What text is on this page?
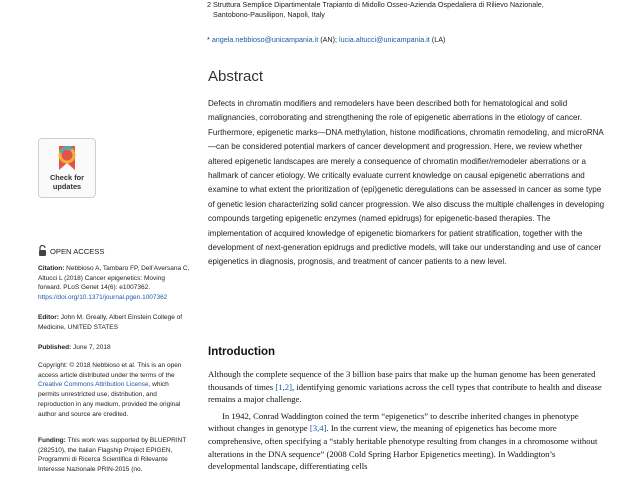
2 Struttura Semplice Dipartimentale Trapianto di Midollo Osseo-Azienda Ospedaliera di Rilievo Nazionale,

Santobono-Pausilipon, Napoli, Italy

* angela.nebbioso@unicampania.it (AN); lucia.altucci@unicampania.it (LA)
Abstract

Defects in chromatin modifiers and remodelers have been described both for hematological and solid malignancies, corroborating and strengthening the role of epigenetic aberrations in the etiology of cancer. Furthermore, epigenetic marks—DNA methylation, histone modifications, chromatin remodeling, and microRNA—can be considered potential markers of cancer development and progression. Here, we review whether altered epigenetic landscapes are merely a consequence of chromatin modifier/remodeler aberrations or a hallmark of cancer etiology. We critically evaluate current knowledge on causal epigenetic aberrations and examine to what extent the prioritization of (epi)genetic deregulations can be assessed in cancer as some type of genetic lesion characterizing solid cancer progression. We also discuss the multiple challenges in developing compounds targeting epigenetic enzymes (named epidrugs) for epigenetic-based therapies. The implementation of acquired knowledge of epigenetic biomarkers for patient stratification, together with the development of next-generation epidrugs and predictive models, will take our understanding and use of cancer epigenetics in diagnosis, prognosis, and treatment of cancer patients to a new level.

Check for
updates
OPEN ACCESS
Citation: Nebbioso A, Tambaro FP, Dell’Aversana C, Altucci L (2018) Cancer epigenetics: Moving forward. PLoS Genet 14(6): e1007362. https://doi.org/10.1371/journal.pgen.1007362
Editor: John M. Greally, Albert Einstein College of Medicine, UNITED STATES
Published: June 7, 2018
Copyright: © 2018 Nebbioso et al. This is an open access article distributed under the terms of the Creative Commons Attribution License, which permits unrestricted use, distribution, and reproduction in any medium, provided the original author and source are credited.
Funding: This work was supported by BLUEPRINT (282510), the Italian Flagship Project EPIGEN, Programmi di Ricerca Scientifica di Rilevante Interesse Nazionale PRIN-2015 (no.
Introduction

Although the complete sequence of the 3 billion base pairs that make up the human genome has been generated thousands of times [1,2], identifying genomic variations across the cell types that contribute to health and disease remains a major challenge.

In 1942, Conrad Waddington coined the term “epigenetics” to describe inherited changes in phenotype without changes in genotype [3,4]. In the current view, the meaning of epigenetics has become more comprehensive, often specifying a “stably heritable phenotype resulting from changes in a chromosome without alterations in the DNA sequence” (2008 Cold Spring Harbor Epigenetics meeting). In Waddington’s developmental landscape, differentiating cells
